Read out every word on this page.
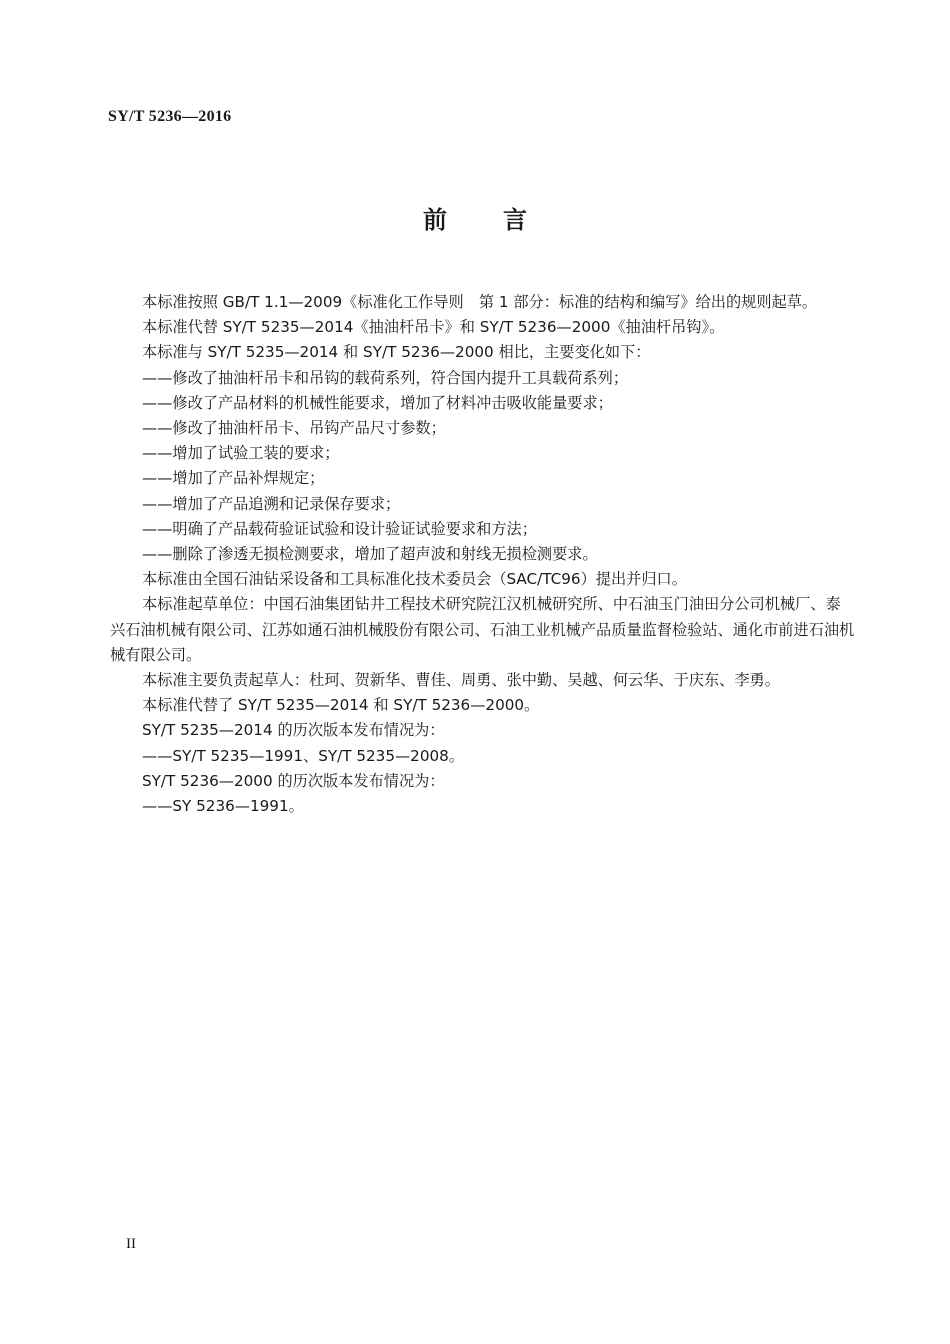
SY/T 5236—2016
前 言

本标准按照 GB/T 1.1—2009《标准化工作导则　第 1 部分：标准的结构和编写》给出的规则起草。

本标准代替 SY/T 5235—2014《抽油杆吊卡》和 SY/T 5236—2000《抽油杆吊钩》。

本标准与 SY/T 5235—2014 和 SY/T 5236—2000 相比，主要变化如下：

——修改了抽油杆吊卡和吊钩的载荷系列，符合国内提升工具载荷系列；

——修改了产品材料的机械性能要求，增加了材料冲击吸收能量要求；

——修改了抽油杆吊卡、吊钩产品尺寸参数；

——增加了试验工装的要求；

——增加了产品补焊规定；

——增加了产品追溯和记录保存要求；

——明确了产品载荷验证试验和设计验证试验要求和方法；

——删除了渗透无损检测要求，增加了超声波和射线无损检测要求。

本标准由全国石油钻采设备和工具标准化技术委员会（SAC/TC96）提出并归口。

本标准起草单位：中国石油集团钻井工程技术研究院江汉机械研究所、中石油玉门油田分公司机械厂、泰兴石油机械有限公司、江苏如通石油机械股份有限公司、石油工业机械产品质量监督检验站、通化市前进石油机械有限公司。

本标准主要负责起草人：杜珂、贺新华、曹佳、周勇、张中勤、吴越、何云华、于庆东、李勇。

本标准代替了 SY/T 5235—2014 和 SY/T 5236—2000。

SY/T 5235—2014 的历次版本发布情况为：

——SY/T 5235—1991、SY/T 5235—2008。

SY/T 5236—2000 的历次版本发布情况为：

——SY 5236—1991。

II
